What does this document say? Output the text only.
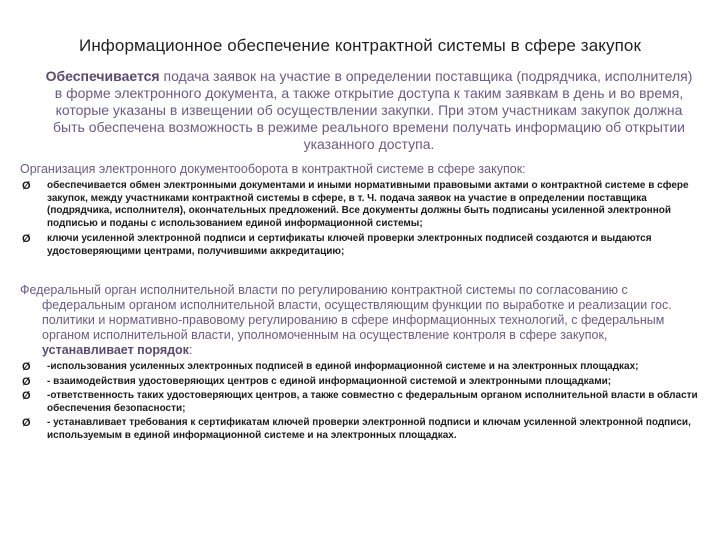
Информационное обеспечение контрактной системы в сфере закупок
Обеспечивается подача заявок на участие в определении поставщика (подрядчика, исполнителя) в форме электронного документа, а также открытие доступа к таким заявкам в день и во время, которые указаны в извещении об осуществлении закупки. При этом участникам закупок должна быть обеспечена возможность в режиме реального времени получать информацию об открытии указанного доступа.
Организация электронного документооборота в контрактной системе в сфере закупок:
Ø обеспечивается обмен электронными документами и иными нормативными правовыми актами о контрактной системе в сфере закупок, между участниками контрактной системы в сфере, в т. Ч. подача заявок на участие в определении поставщика (подрядчика, исполнителя), окончательных предложений. Все документы должны быть подписаны усиленной электронной подписью и поданы с использованием единой информационной системы;
Ø ключи усиленной электронной подписи и сертификаты ключей проверки электронных подписей создаются и выдаются удостоверяющими центрами, получившими аккредитацию;
Федеральный орган исполнительной власти по регулированию контрактной системы по согласованию с федеральным органом исполнительной власти, осуществляющим функции по выработке и реализации гос. политики и нормативно-правовому регулированию в сфере информационных технологий, с федеральным органом исполнительной власти, уполномоченным на осуществление контроля в сфере закупок, устанавливает порядок:
Ø -использования усиленных электронных подписей в единой информационной системе и на электронных площадках;
Ø - взаимодействия удостоверяющих центров с единой информационной системой и электронными площадками;
Ø -ответственность таких удостоверяющих центров, а также совместно с федеральным органом исполнительной власти в области обеспечения безопасности;
Ø - устанавливает требования к сертификатам ключей проверки электронной подписи и ключам усиленной электронной подписи, используемым в единой информационной системе и на электронных площадках.
